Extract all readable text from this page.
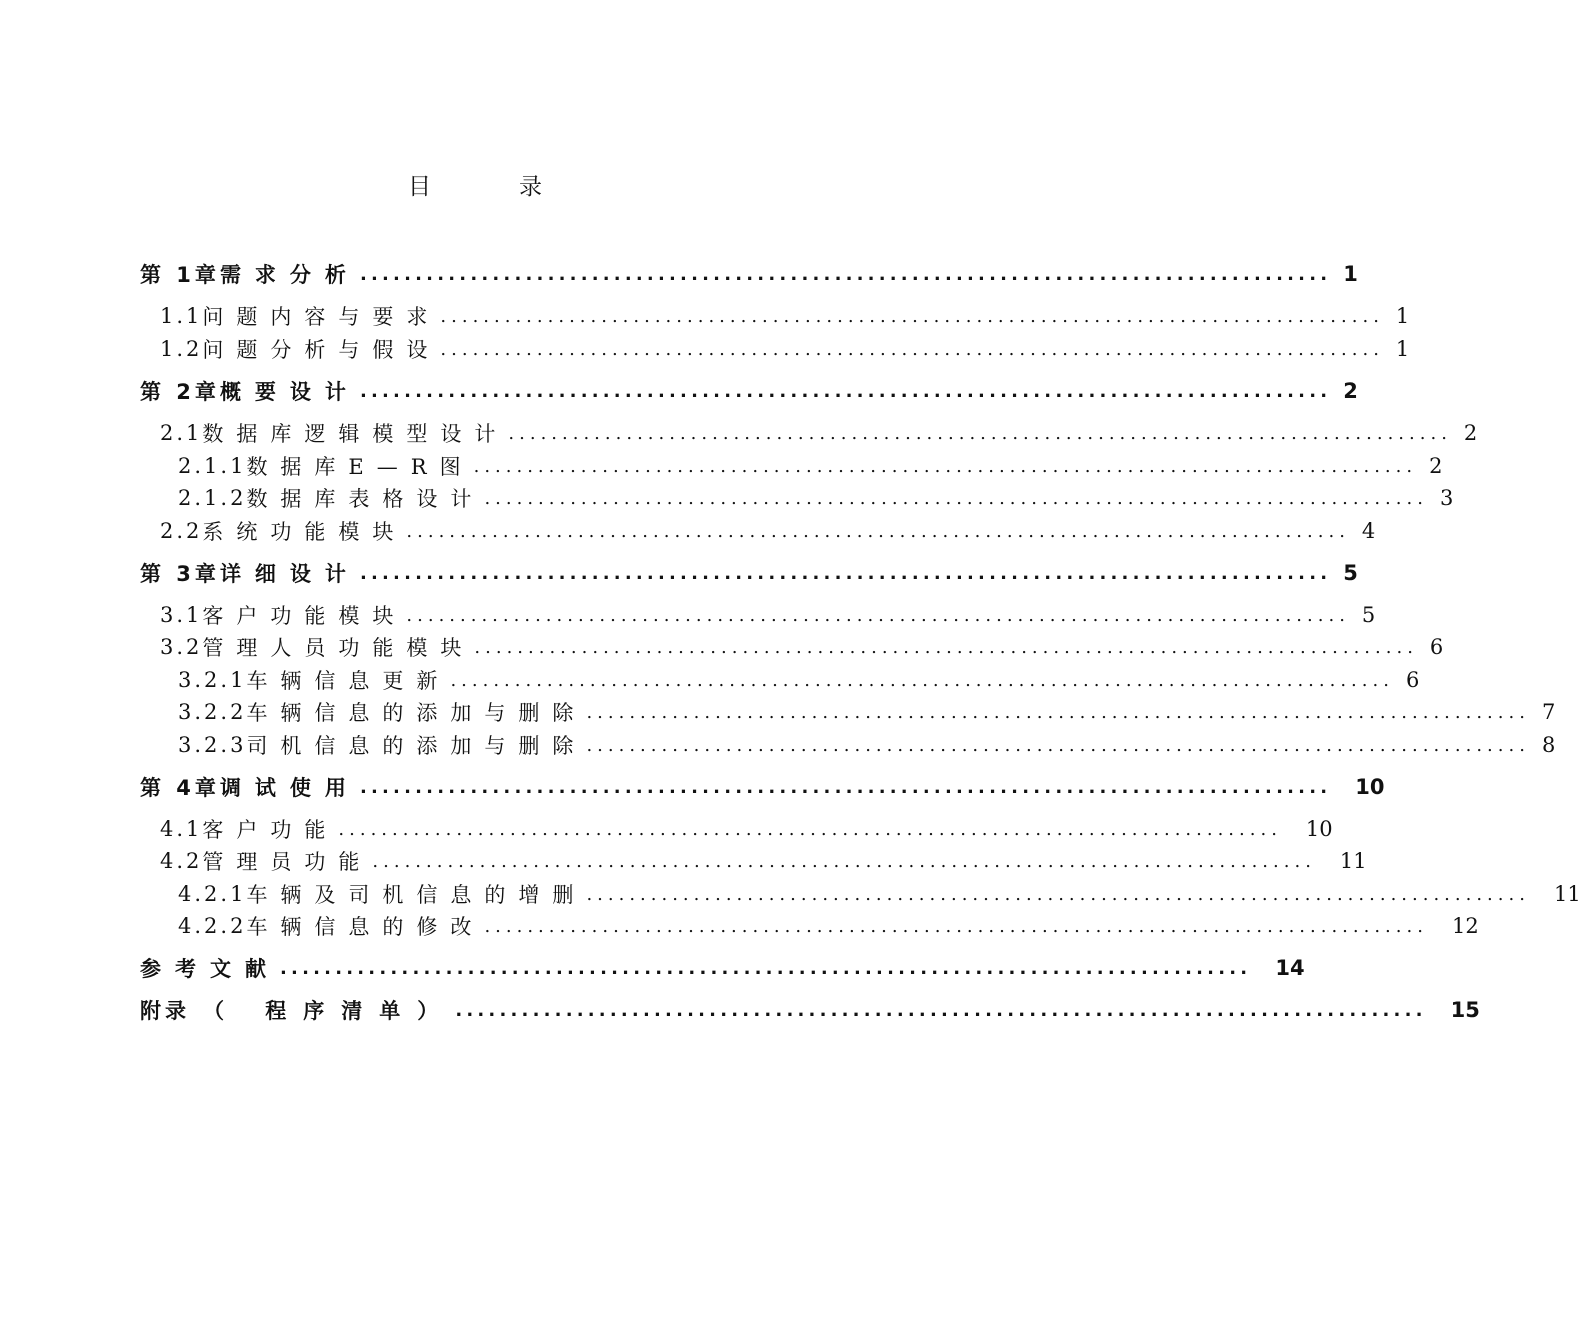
目	录
第 1章 需求分析 ........................................................................................ 1
1.1 问题内容与要求 ........................................................................................ 1
1.2 问题分析与假设 ........................................................................................ 1
第 2章 概要设计 ........................................................................................ 2
2.1 数据库逻辑模型设计 ........................................................................................ 2
2.1.1 数据库E—R图 ........................................................................................ 2
2.1.2 数据库表格设计 ........................................................................................ 3
2.2 系统功能模块 ........................................................................................ 4
第 3章 详细设计 ........................................................................................ 5
3.1 客户功能模块 ........................................................................................ 5
3.2 管理人员功能模块 ........................................................................................ 6
3.2.1 车辆信息更新 ........................................................................................ 6
3.2.2 车辆信息的添加与删除 ........................................................................................ 7
3.2.3 司机信息的添加与删除 ........................................................................................ 8
第 4章 调试使用 ........................................................................................ 10
4.1 客户功能 ........................................................................................ 10
4.2 管理员功能 ........................................................................................ 11
4.2.1 车辆及司机信息的增删 ........................................................................................ 11
4.2.2 车辆信息的修改 ........................................................................................ 12
参考文献 ........................................................................................ 14
附 录（ 程序清单） ........................................................................................ 15
